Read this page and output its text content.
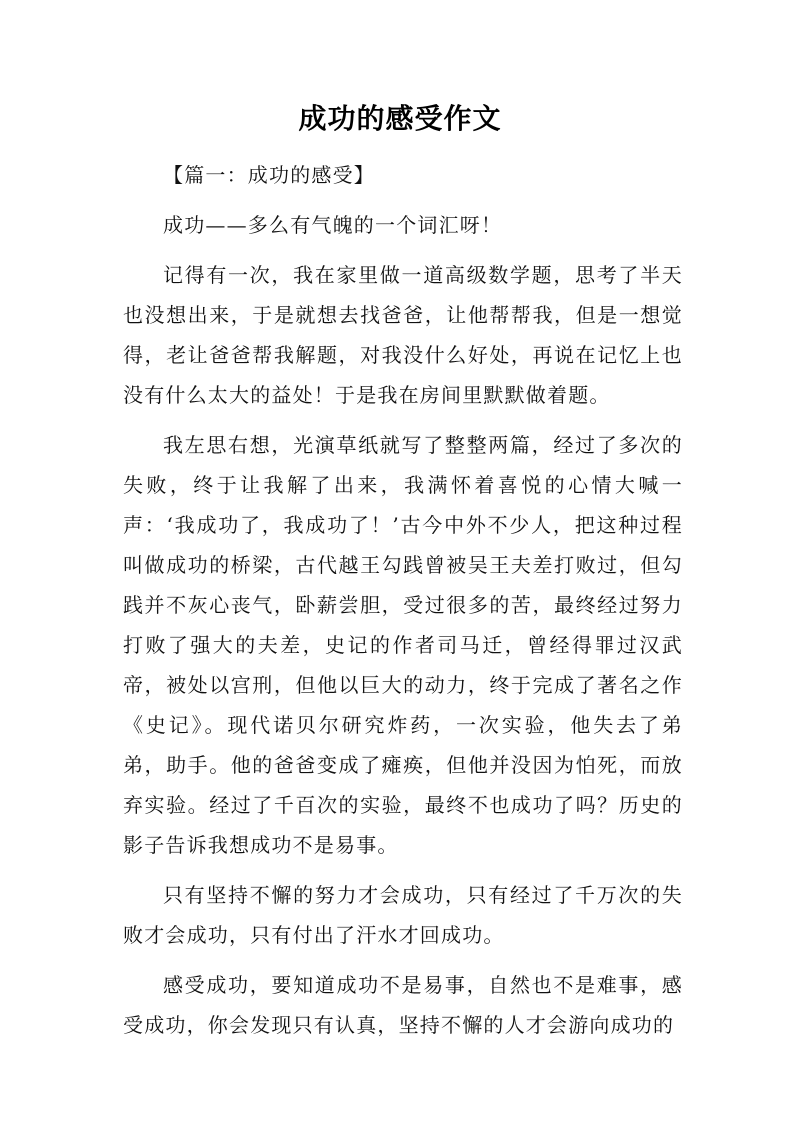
成功的感受作文

【篇一：成功的感受】

成功——多么有气魄的一个词汇呀！

记得有一次，我在家里做一道高级数学题，思考了半天也没想出来，于是就想去找爸爸，让他帮帮我，但是一想觉得，老让爸爸帮我解题，对我没什么好处，再说在记忆上也没有什么太大的益处！于是我在房间里默默做着题。

我左思右想，光演草纸就写了整整两篇，经过了多次的失败，终于让我解了出来，我满怀着喜悦的心情大喊一声：‘我成功了，我成功了！’古今中外不少人，把这种过程叫做成功的桥梁，古代越王勾践曾被吴王夫差打败过，但勾践并不灰心丧气，卧薪尝胆，受过很多的苦，最终经过努力打败了强大的夫差，史记的作者司马迁，曾经得罪过汉武帝，被处以宫刑，但他以巨大的动力，终于完成了著名之作《史记》。现代诺贝尔研究炸药，一次实验，他失去了弟弟，助手。他的爸爸变成了瘫痪，但他并没因为怕死，而放弃实验。经过了千百次的实验，最终不也成功了吗？历史的影子告诉我想成功不是易事。

只有坚持不懈的努力才会成功，只有经过了千万次的失败才会成功，只有付出了汗水才回成功。

感受成功，要知道成功不是易事，自然也不是难事，感受成功，你会发现只有认真，坚持不懈的人才会游向成功的
